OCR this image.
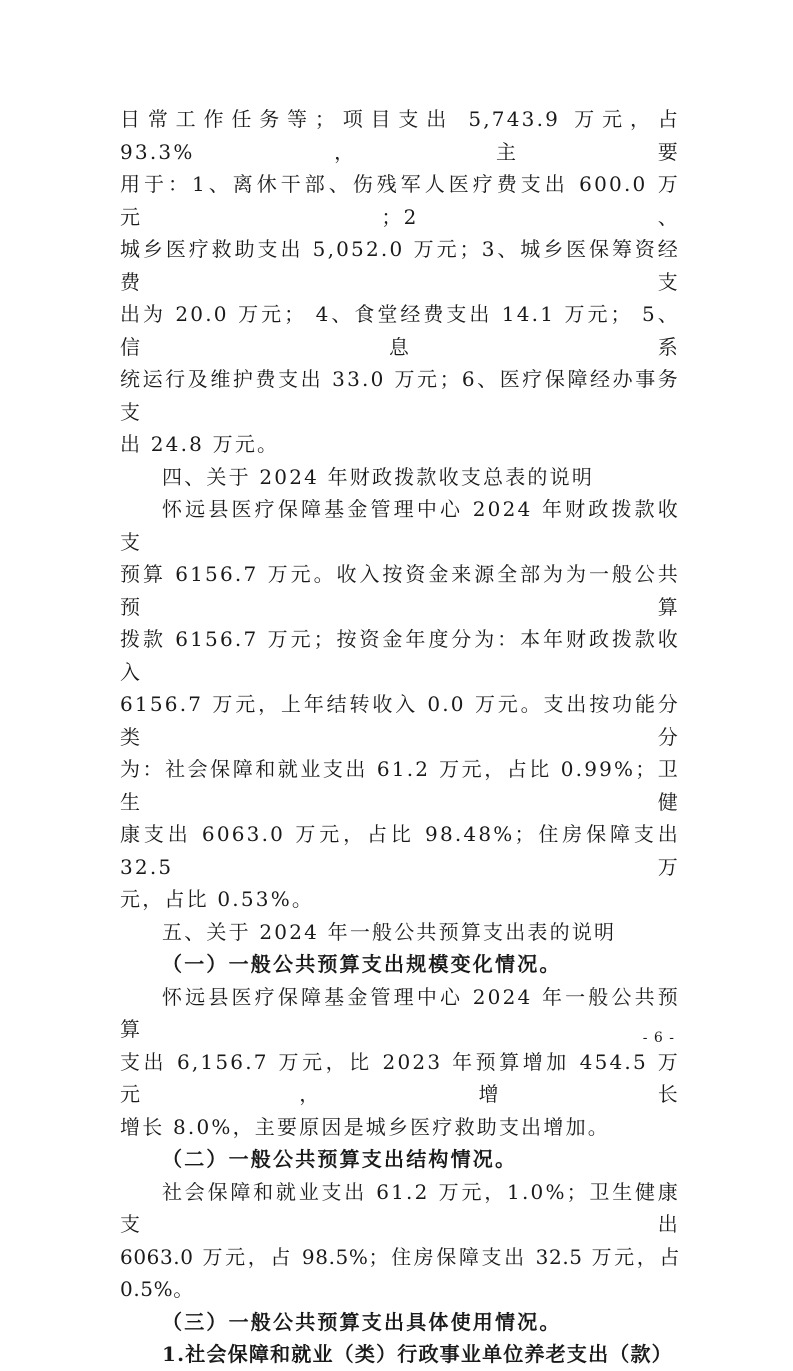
日常工作任务等；项目支出 5,743.9 万元，占 93.3%，主要

用于：1、离休干部、伤残军人医疗费支出 600.0 万元；2、

城乡医疗救助支出 5,052.0 万元；3、城乡医保筹资经费支

出为 20.0 万元； 4、食堂经费支出 14.1 万元； 5、信息系

统运行及维护费支出 33.0 万元；6、医疗保障经办事务支

出 24.8 万元。

四、关于 2024 年财政拨款收支总表的说明

怀远县医疗保障基金管理中心 2024 年财政拨款收支

预算 6156.7 万元。收入按资金来源全部为为一般公共预算

拨款 6156.7 万元；按资金年度分为：本年财政拨款收入

6156.7 万元，上年结转收入 0.0 万元。支出按功能分类分

为：社会保障和就业支出 61.2 万元，占比 0.99%；卫生健

康支出 6063.0 万元，占比 98.48%；住房保障支出 32.5 万

元，占比 0.53%。

五、关于 2024 年一般公共预算支出表的说明

（一）一般公共预算支出规模变化情况。

怀远县医疗保障基金管理中心 2024 年一般公共预算

支出 6,156.7 万元，比 2023 年预算增加 454.5 万元，增长

增长 8.0%，主要原因是城乡医疗救助支出增加。

（二）一般公共预算支出结构情况。

社会保障和就业支出 61.2 万元，1.0%；卫生健康支出

6063.0 万元，占 98.5%；住房保障支出 32.5 万元，占 0.5%。

（三）一般公共预算支出具体使用情况。

1.社会保障和就业（类）行政事业单位养老支出（款）

- 6 -
